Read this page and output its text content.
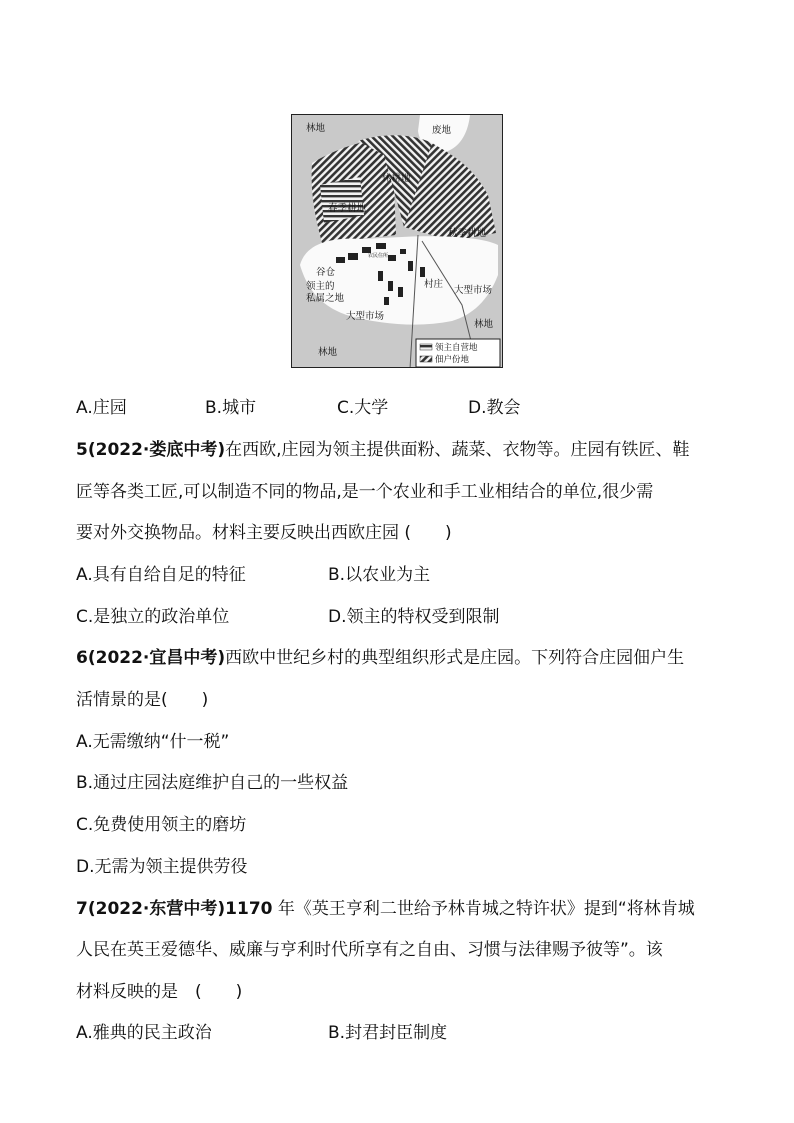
林地	废地
休耕地
春季耕地
秋季耕地
农民住所
谷仓
领主的
私属之地
村庄
大型市场
大型市场
林地
林地	领主自营地
佃户份地
A.庄园	B.城市	C.大学	D.教会
5(2022·娄底中考)在西欧,庄园为领主提供面粉、蔬菜、衣物等。庄园有铁匠、鞋
匠等各类工匠,可以制造不同的物品,是一个农业和手工业相结合的单位,很少需
要对外交换物品。材料主要反映出西欧庄园 (　　)
A.具有自给自足的特征	B.以农业为主
C.是独立的政治单位	D.领主的特权受到限制
6(2022·宜昌中考)西欧中世纪乡村的典型组织形式是庄园。下列符合庄园佃户生
活情景的是(　　)
A.无需缴纳“什一税”
B.通过庄园法庭维护自己的一些权益
C.免费使用领主的磨坊
D.无需为领主提供劳役
7(2022·东营中考)1170 年《英王亨利二世给予林肯城之特许状》提到“将林肯城
人民在英王爱德华、威廉与亨利时代所享有之自由、习惯与法律赐予彼等”。该
材料反映的是　 (　　)
A.雅典的民主政治	B.封君封臣制度
